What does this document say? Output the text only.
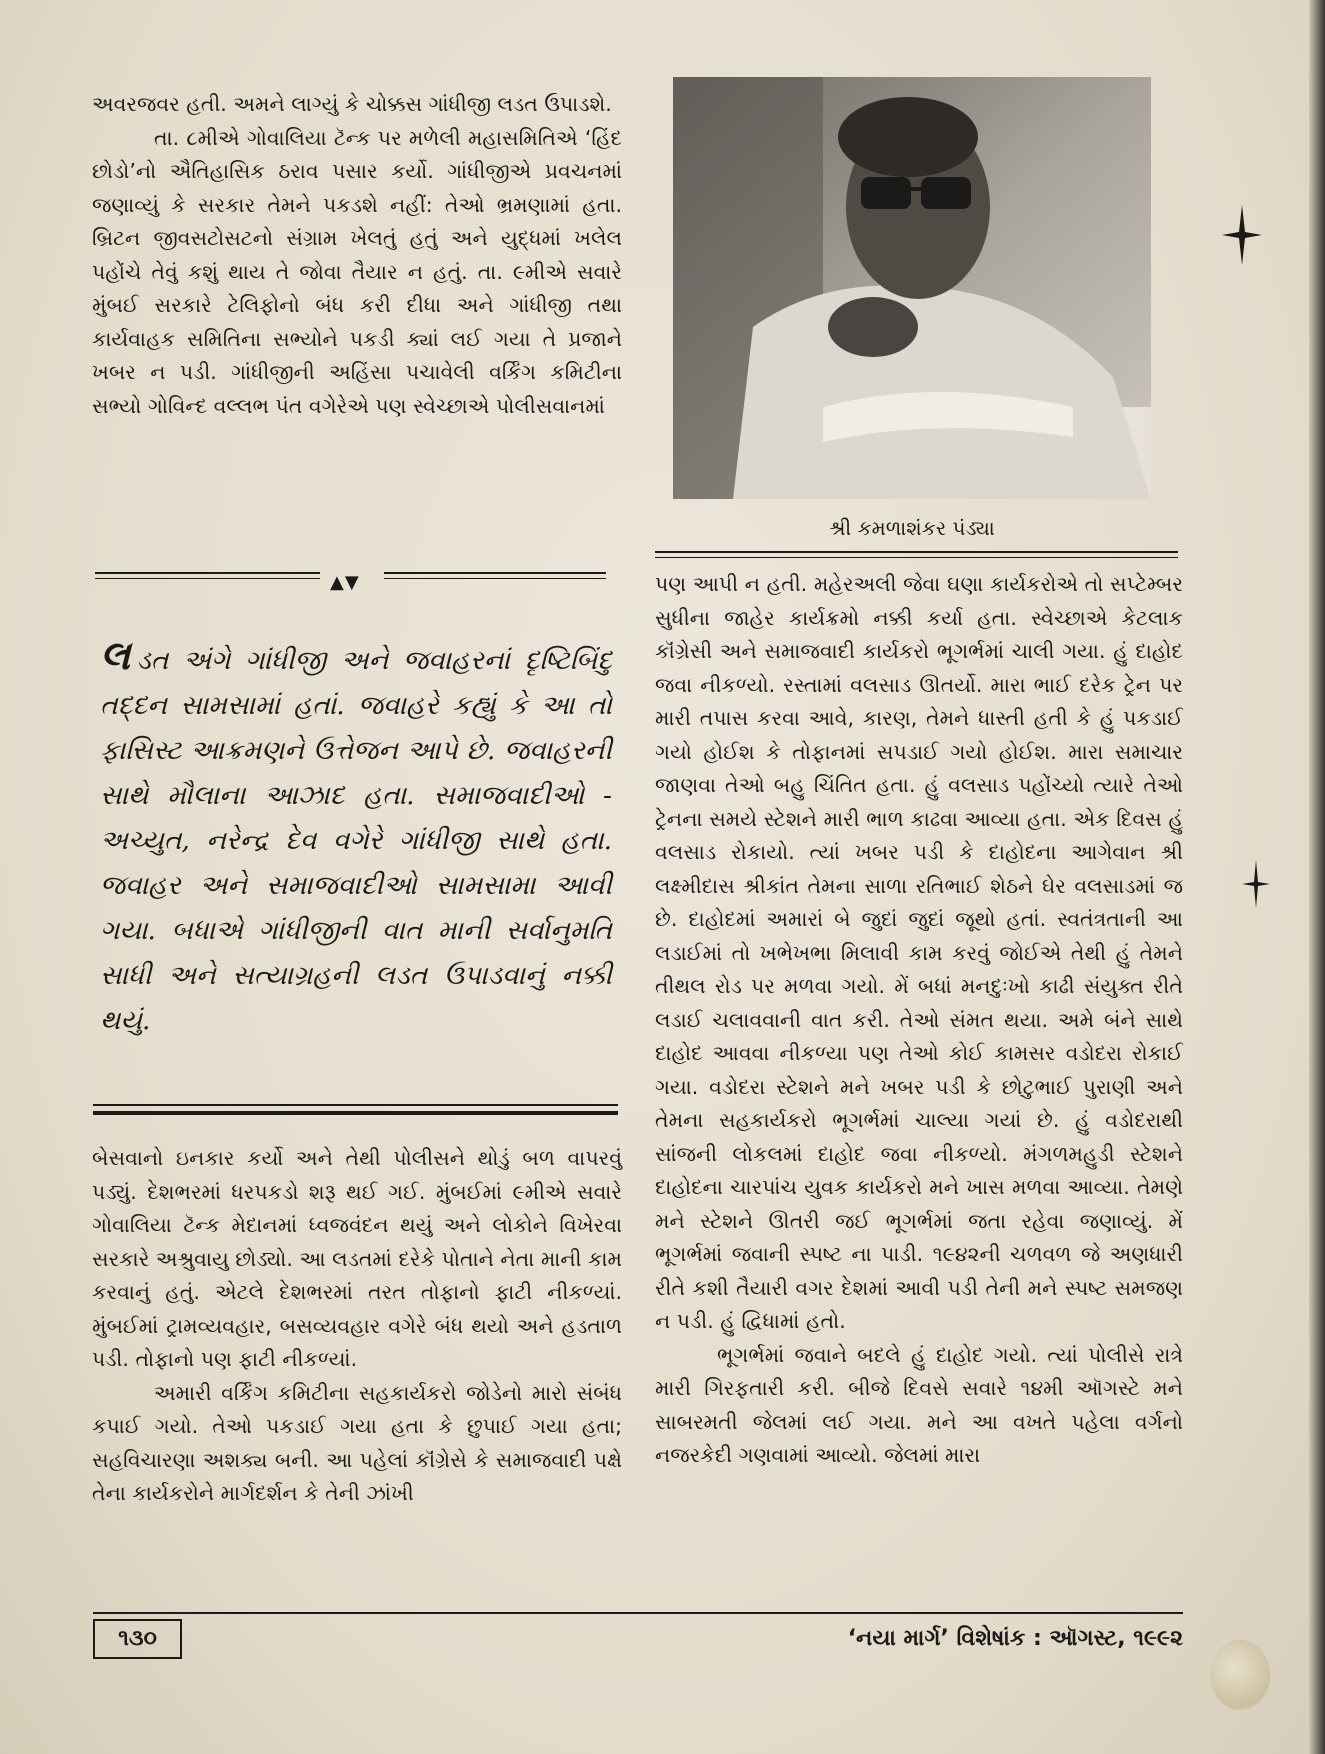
અવરજવર હતી. અમને લાગ્યું કે ચોક્કસ ગાંધીજી લડત ઉપાડશે.

તા. ૮મીએ ગોવાલિયા ટૅન્ક પર મળેલી મહાસમિતિએ ‘હિંદ છોડો’નો ઐતિહાસિક ઠરાવ પસાર કર્યો. ગાંધીજીએ પ્રવચનમાં જણાવ્યું કે સરકાર તેમને પકડશે નહીં: તેઓ ભ્રમણામાં હતા. બ્રિટન જીવસટોસટનો સંગ્રામ ખેલતું હતું અને યુદ્ધમાં ખલેલ પહોંચે તેવું કશું થાય તે જોવા તૈયાર ન હતું. તા. ૯મીએ સવારે મુંબઈ સરકારે ટેલિફોનો બંધ કરી દીધા અને ગાંધીજી તથા કાર્યવાહક સમિતિના સભ્યોને પકડી ક્યાં લઈ ગયા તે પ્રજાને ખબર ન પડી. ગાંધીજીની અહિંસા પચાવેલી વર્કિંગ કમિટીના સભ્યો ગોવિન્દ વલ્લભ પંત વગેરેએ પણ સ્વેચ્છાએ પોલીસવાનમાં

▲▼

લડત અંગે ગાંધીજી અને જવાહરનાં દૃષ્ટિબિંદુ તદ્દન સામસામાં હતાં. જવાહરે કહ્યું કે આ તો ફાસિસ્ટ આક્રમણને ઉત્તેજન આપે છે. જવાહરની સાથે મૌલાના આઝાદ હતા. સમાજવાદીઓ - અચ્યુત, નરેન્દ્ર દેવ વગેરે ગાંધીજી સાથે હતા. જવાહર અને સમાજવાદીઓ સામસામા આવી ગયા. બધાએ ગાંધીજીની વાત માની સર્વાનુમતિ સાધી અને સત્યાગ્રહની લડત ઉપાડવાનું નક્કી થયું.

બેસવાનો ઇનકાર કર્યો અને તેથી પોલીસને થોડું બળ વાપરવું પડ્યું. દેશભરમાં ધરપકડો શરૂ થઈ ગઈ. મુંબઈમાં ૯મીએ સવારે ગોવાલિયા ટૅન્ક મેદાનમાં ધ્વજવંદન થયું અને લોકોને વિખેરવા સરકારે અશ્રુવાયુ છોડ્યો. આ લડતમાં દરેકે પોતાને નેતા માની કામ કરવાનું હતું. એટલે દેશભરમાં તરત તોફાનો ફાટી નીકળ્યાં. મુંબઈમાં ટ્રામવ્યવહાર, બસવ્યવહાર વગેરે બંધ થયો અને હડતાળ પડી. તોફાનો પણ ફાટી નીકળ્યાં.

અમારી વર્કિંગ કમિટીના સહકાર્યકરો જોડેનો મારો સંબંધ કપાઈ ગયો. તેઓ પકડાઈ ગયા હતા કે છુપાઈ ગયા હતા; સહવિચારણા અશક્ય બની. આ પહેલાં કૉંગ્રેસે કે સમાજવાદી પક્ષે તેના કાર્યકરોને માર્ગદર્શન કે તેની ઝાંખી

શ્રી કમળાશંકર પંડ્યા

પણ આપી ન હતી. મહેરઅલી જેવા ઘણા કાર્યકરોએ તો સપ્ટેમ્બર સુધીના જાહેર કાર્યક્રમો નક્કી કર્યા હતા. સ્વેચ્છાએ કેટલાક કૉંગ્રેસી અને સમાજવાદી કાર્યકરો ભૂગર્ભમાં ચાલી ગયા. હું દાહોદ જવા નીકળ્યો. રસ્તામાં વલસાડ ઊતર્યો. મારા ભાઈ દરેક ટ્રેન પર મારી તપાસ કરવા આવે, કારણ, તેમને ધાસ્તી હતી કે હું પકડાઈ ગયો હોઈશ કે તોફાનમાં સપડાઈ ગયો હોઈશ. મારા સમાચાર જાણવા તેઓ બહુ ચિંતિત હતા. હું વલસાડ પહોંચ્યો ત્યારે તેઓ ટ્રેનના સમયે સ્ટેશને મારી ભાળ કાઢવા આવ્યા હતા. એક દિવસ હું વલસાડ રોકાયો. ત્યાં ખબર પડી કે દાહોદના આગેવાન શ્રી લક્ષ્મીદાસ શ્રીકાંત તેમના સાળા રતિભાઈ શેઠને ઘેર વલસાડમાં જ છે. દાહોદમાં અમારાં બે જુદાં જુદાં જૂથો હતાં. સ્વતંત્રતાની આ લડાઈમાં તો ખભેખભા મિલાવી કામ કરવું જોઈએ તેથી હું તેમને તીથલ રોડ પર મળવા ગયો. મેં બધાં મનદુઃખો કાઢી સંયુક્ત રીતે લડાઈ ચલાવવાની વાત કરી. તેઓ સંમત થયા. અમે બંને સાથે દાહોદ આવવા નીકળ્યા પણ તેઓ કોઈ કામસર વડોદરા રોકાઈ ગયા. વડોદરા સ્ટેશને મને ખબર પડી કે છોટુભાઈ પુરાણી અને તેમના સહકાર્યકરો ભૂગર્ભમાં ચાલ્યા ગયાં છે. હું વડોદરાથી સાંજની લોકલમાં દાહોદ જવા નીકળ્યો. મંગળમહુડી સ્ટેશને દાહોદના ચારપાંચ યુવક કાર્યકરો મને ખાસ મળવા આવ્યા. તેમણે મને સ્ટેશને ઊતરી જઈ ભૂગર્ભમાં જતા રહેવા જણાવ્યું. મેં ભૂગર્ભમાં જવાની સ્પષ્ટ ના પાડી. ૧૯૪૨ની ચળવળ જે અણધારી રીતે કશી તૈયારી વગર દેશમાં આવી પડી તેની મને સ્પષ્ટ સમજણ ન પડી. હું દ્વિધામાં હતો.

ભૂગર્ભમાં જવાને બદલે હું દાહોદ ગયો. ત્યાં પોલીસે રાત્રે મારી ગિરફતારી કરી. બીજે દિવસે સવારે ૧૪મી ઑગસ્ટે મને સાબરમતી જેલમાં લઈ ગયા. મને આ વખતે પહેલા વર્ગનો નજરકેદી ગણવામાં આવ્યો. જેલમાં મારા

૧૩૦	‘નયા માર્ગ’ વિશેષાંક : ઑગસ્ટ, ૧૯૯૨
